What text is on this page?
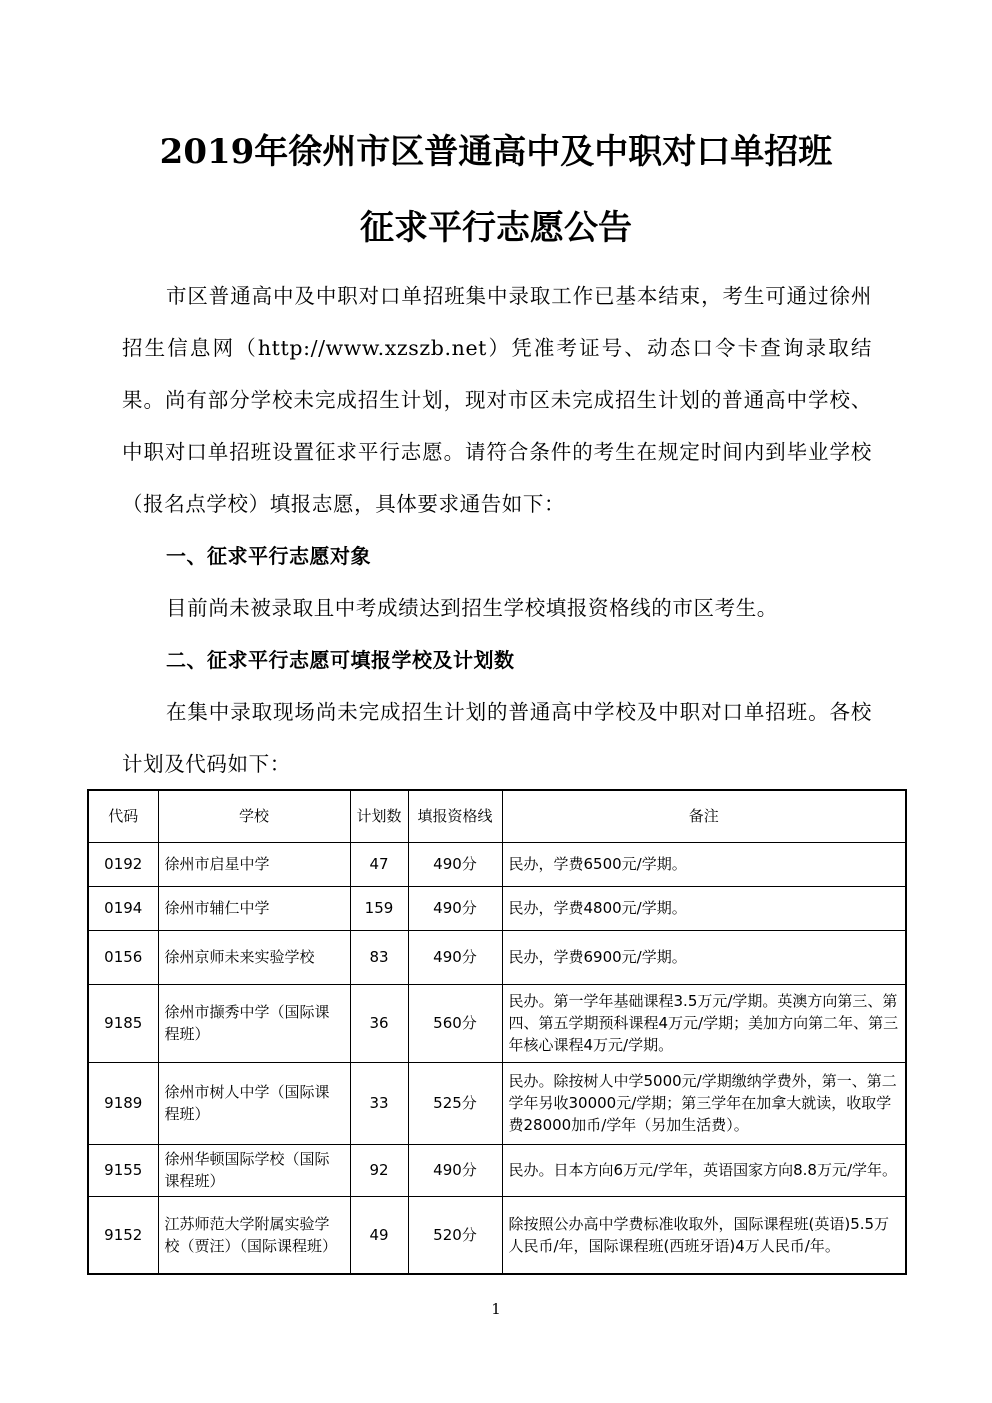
2019年徐州市区普通高中及中职对口单招班
征求平行志愿公告
市区普通高中及中职对口单招班集中录取工作已基本结束，考生可通过徐州招生信息网（http://www.xzszb.net）凭准考证号、动态口令卡查询录取结果。尚有部分学校未完成招生计划，现对市区未完成招生计划的普通高中学校、中职对口单招班设置征求平行志愿。请符合条件的考生在规定时间内到毕业学校（报名点学校）填报志愿，具体要求通告如下：
一、征求平行志愿对象
目前尚未被录取且中考成绩达到招生学校填报资格线的市区考生。
二、征求平行志愿可填报学校及计划数
在集中录取现场尚未完成招生计划的普通高中学校及中职对口单招班。各校计划及代码如下：
代码	学校	计划数	填报资格线	备注
0192	徐州市启星中学	47	490分	民办，学费6500元/学期。
0194	徐州市辅仁中学	159	490分	民办，学费4800元/学期。
0156	徐州京师未来实验学校	83	490分	民办，学费6900元/学期。
9185	徐州市撷秀中学（国际课程班）	36	560分	民办。第一学年基础课程3.5万元/学期。英澳方向第三、第四、第五学期预科课程4万元/学期；美加方向第二年、第三年核心课程4万元/学期。
9189	徐州市树人中学（国际课程班）	33	525分	民办。除按树人中学5000元/学期缴纳学费外，第一、第二学年另收30000元/学期；第三学年在加拿大就读，收取学费28000加币/学年（另加生活费）。
9155	徐州华顿国际学校（国际课程班）	92	490分	民办。日本方向6万元/学年，英语国家方向8.8万元/学年。
9152	江苏师范大学附属实验学校（贾汪）（国际课程班）	49	520分	除按照公办高中学费标准收取外，国际课程班(英语)5.5万人民币/年，国际课程班(西班牙语)4万人民币/年。
1
